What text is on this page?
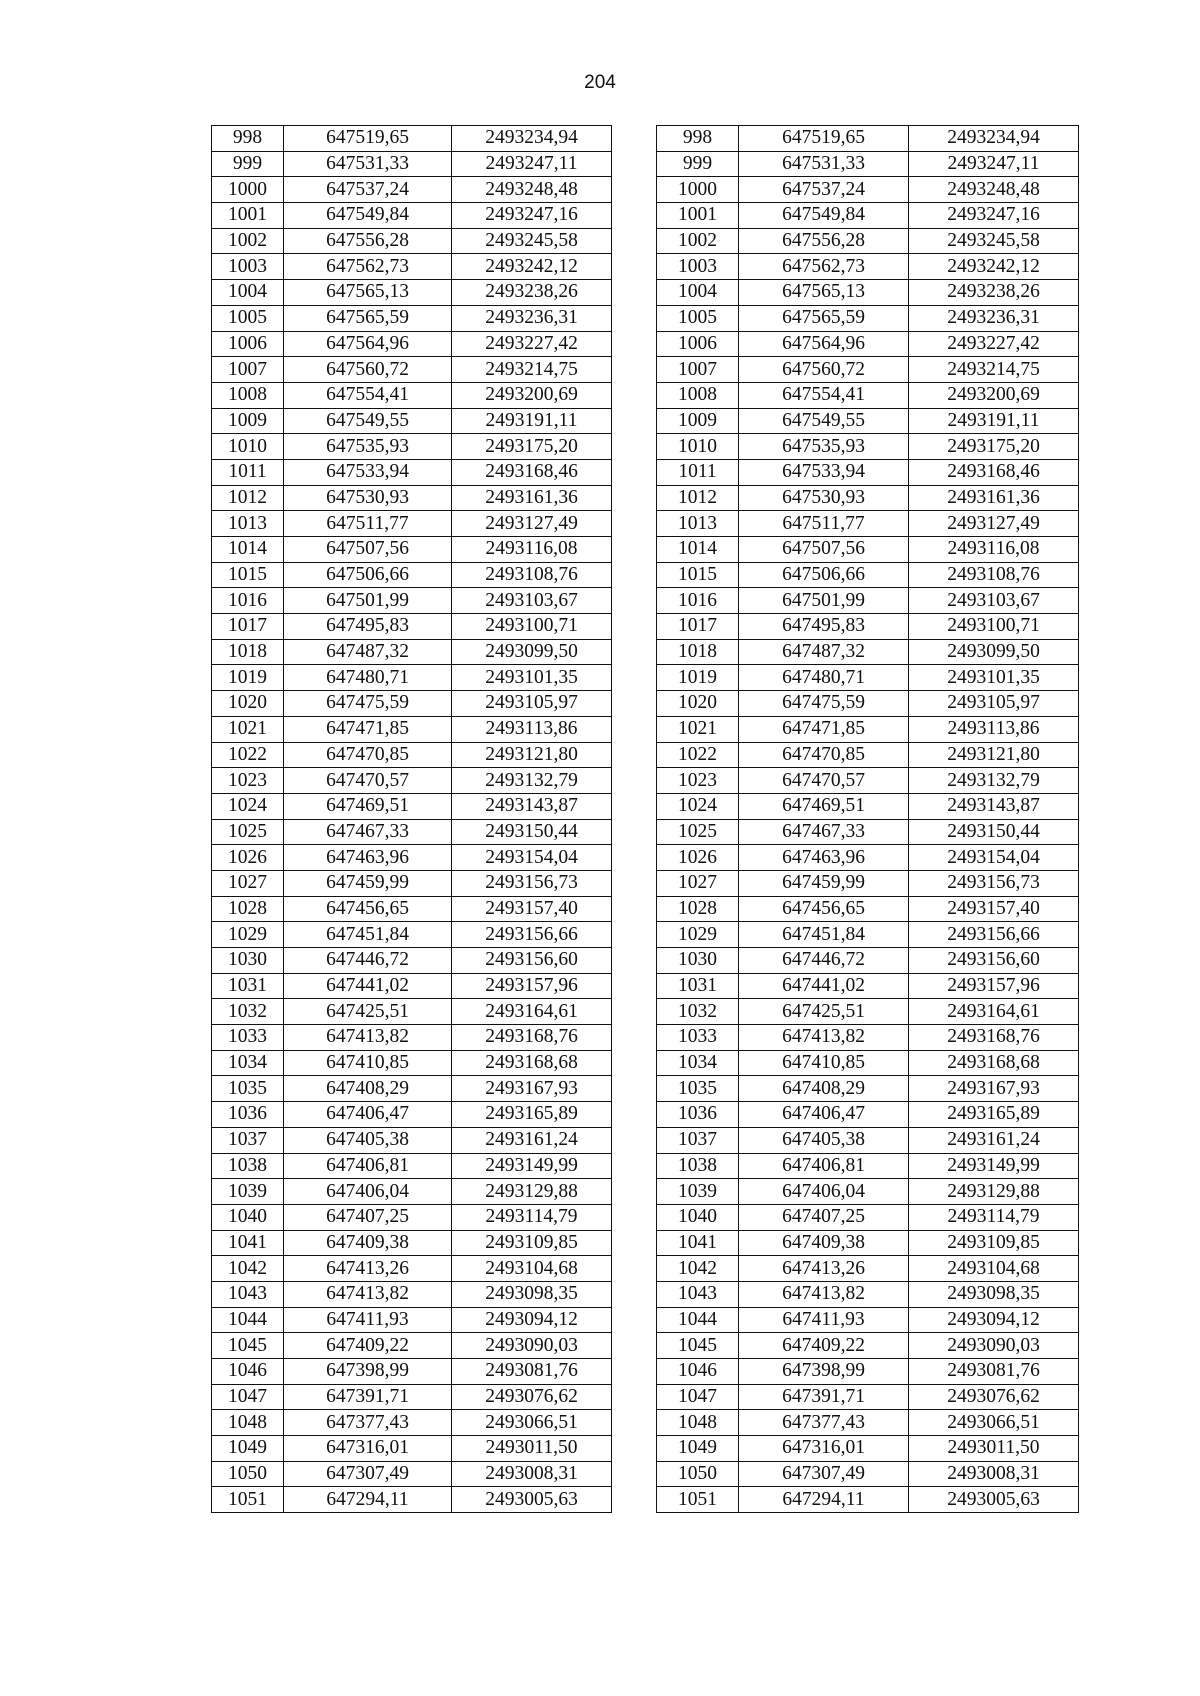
204
998	647519,65	2493234,94		998	647519,65	2493234,94
999	647531,33	2493247,11		999	647531,33	2493247,11
1000	647537,24	2493248,48		1000	647537,24	2493248,48
1001	647549,84	2493247,16		1001	647549,84	2493247,16
1002	647556,28	2493245,58		1002	647556,28	2493245,58
1003	647562,73	2493242,12		1003	647562,73	2493242,12
1004	647565,13	2493238,26		1004	647565,13	2493238,26
1005	647565,59	2493236,31		1005	647565,59	2493236,31
1006	647564,96	2493227,42		1006	647564,96	2493227,42
1007	647560,72	2493214,75		1007	647560,72	2493214,75
1008	647554,41	2493200,69		1008	647554,41	2493200,69
1009	647549,55	2493191,11		1009	647549,55	2493191,11
1010	647535,93	2493175,20		1010	647535,93	2493175,20
1011	647533,94	2493168,46		1011	647533,94	2493168,46
1012	647530,93	2493161,36		1012	647530,93	2493161,36
1013	647511,77	2493127,49		1013	647511,77	2493127,49
1014	647507,56	2493116,08		1014	647507,56	2493116,08
1015	647506,66	2493108,76		1015	647506,66	2493108,76
1016	647501,99	2493103,67		1016	647501,99	2493103,67
1017	647495,83	2493100,71		1017	647495,83	2493100,71
1018	647487,32	2493099,50		1018	647487,32	2493099,50
1019	647480,71	2493101,35		1019	647480,71	2493101,35
1020	647475,59	2493105,97		1020	647475,59	2493105,97
1021	647471,85	2493113,86		1021	647471,85	2493113,86
1022	647470,85	2493121,80		1022	647470,85	2493121,80
1023	647470,57	2493132,79		1023	647470,57	2493132,79
1024	647469,51	2493143,87		1024	647469,51	2493143,87
1025	647467,33	2493150,44		1025	647467,33	2493150,44
1026	647463,96	2493154,04		1026	647463,96	2493154,04
1027	647459,99	2493156,73		1027	647459,99	2493156,73
1028	647456,65	2493157,40		1028	647456,65	2493157,40
1029	647451,84	2493156,66		1029	647451,84	2493156,66
1030	647446,72	2493156,60		1030	647446,72	2493156,60
1031	647441,02	2493157,96		1031	647441,02	2493157,96
1032	647425,51	2493164,61		1032	647425,51	2493164,61
1033	647413,82	2493168,76		1033	647413,82	2493168,76
1034	647410,85	2493168,68		1034	647410,85	2493168,68
1035	647408,29	2493167,93		1035	647408,29	2493167,93
1036	647406,47	2493165,89		1036	647406,47	2493165,89
1037	647405,38	2493161,24		1037	647405,38	2493161,24
1038	647406,81	2493149,99		1038	647406,81	2493149,99
1039	647406,04	2493129,88		1039	647406,04	2493129,88
1040	647407,25	2493114,79		1040	647407,25	2493114,79
1041	647409,38	2493109,85		1041	647409,38	2493109,85
1042	647413,26	2493104,68		1042	647413,26	2493104,68
1043	647413,82	2493098,35		1043	647413,82	2493098,35
1044	647411,93	2493094,12		1044	647411,93	2493094,12
1045	647409,22	2493090,03		1045	647409,22	2493090,03
1046	647398,99	2493081,76		1046	647398,99	2493081,76
1047	647391,71	2493076,62		1047	647391,71	2493076,62
1048	647377,43	2493066,51		1048	647377,43	2493066,51
1049	647316,01	2493011,50		1049	647316,01	2493011,50
1050	647307,49	2493008,31		1050	647307,49	2493008,31
1051	647294,11	2493005,63		1051	647294,11	2493005,63
